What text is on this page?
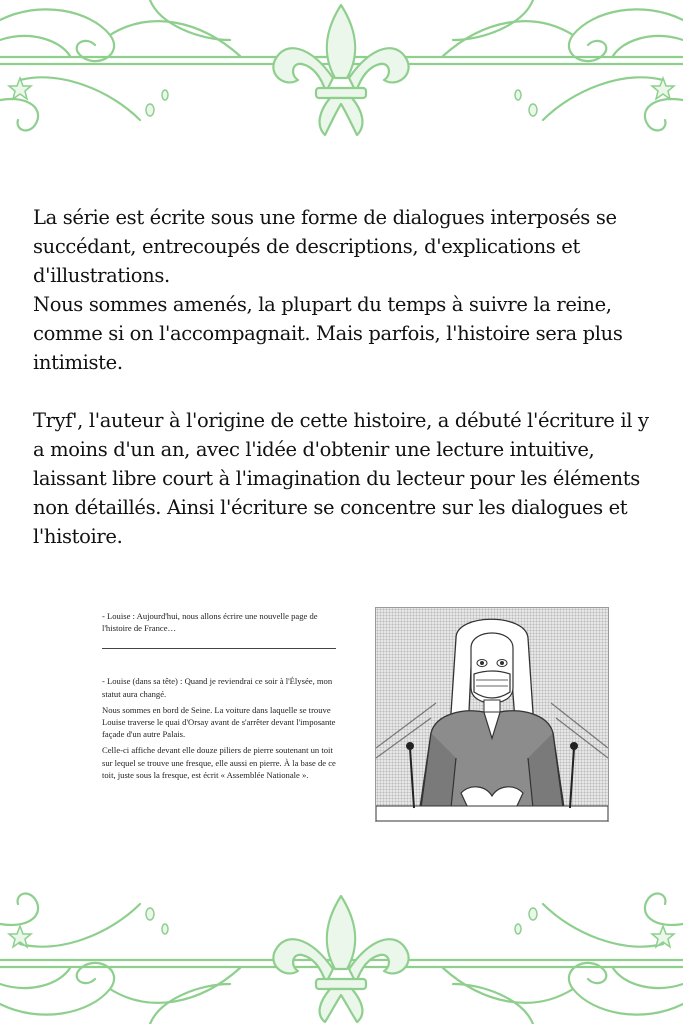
La série est écrite sous une forme de dialogues interposés se succédant, entrecoupés de descriptions, d'explications et d'illustrations.

Nous sommes amenés, la plupart du temps à suivre la reine, comme si on l'accompagnait. Mais parfois, l'histoire sera plus intimiste.

Tryf', l'auteur à l'origine de cette histoire, a débuté l'écriture il y a moins d'un an, avec l'idée d'obtenir une lecture intuitive, laissant libre court à l'imagination du lecteur pour les éléments non détaillés. Ainsi l'écriture se concentre sur les dialogues et l'histoire.

- Louise : Aujourd'hui, nous allons écrire une nouvelle page de l'histoire de France…

- Louise (dans sa tête) : Quand je reviendrai ce soir à l'Élysée, mon statut aura changé.

Nous sommes en bord de Seine. La voiture dans laquelle se trouve Louise traverse le quai d'Orsay avant de s'arrêter devant l'imposante façade d'un autre Palais.

Celle-ci affiche devant elle douze piliers de pierre soutenant un toit sur lequel se trouve une fresque, elle aussi en pierre. À la base de ce toit, juste sous la fresque, est écrit « Assemblée Nationale ».
